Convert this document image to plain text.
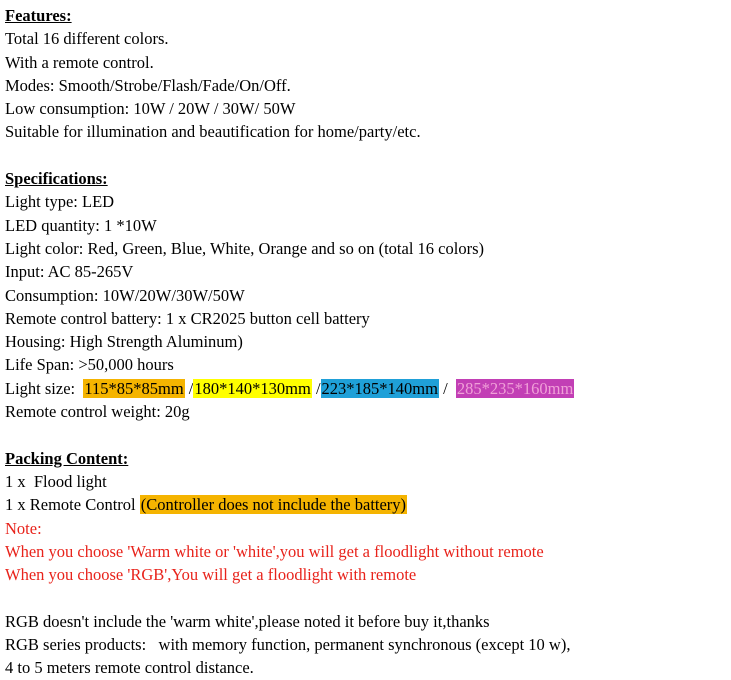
Features:
Total 16 different colors.
With a remote control.
Modes: Smooth/Strobe/Flash/Fade/On/Off.
Low consumption: 10W / 20W / 30W/ 50W
Suitable for illumination and beautification for home/party/etc.
Specifications:
Light type: LED
LED quantity: 1 *10W
Light color: Red, Green, Blue, White, Orange and so on (total 16 colors)
Input: AC 85-265V
Consumption: 10W/20W/30W/50W
Remote control battery: 1 x CR2025 button cell battery
Housing: High Strength Aluminum)
Life Span: >50,000 hours
Light size:  115*85*85mm /180*140*130mm /223*185*140mm /  285*235*160mm
Remote control weight: 20g
Packing Content:
1 x  Flood light
1 x Remote Control (Controller does not include the battery)
Note:
When you choose 'Warm white or 'white',you will get a floodlight without remote
When you choose 'RGB',You will get a floodlight with remote
RGB doesn't include the 'warm white',please noted it before buy it,thanks
RGB series products:   with memory function, permanent synchronous (except 10 w),
4 to 5 meters remote control distance.
